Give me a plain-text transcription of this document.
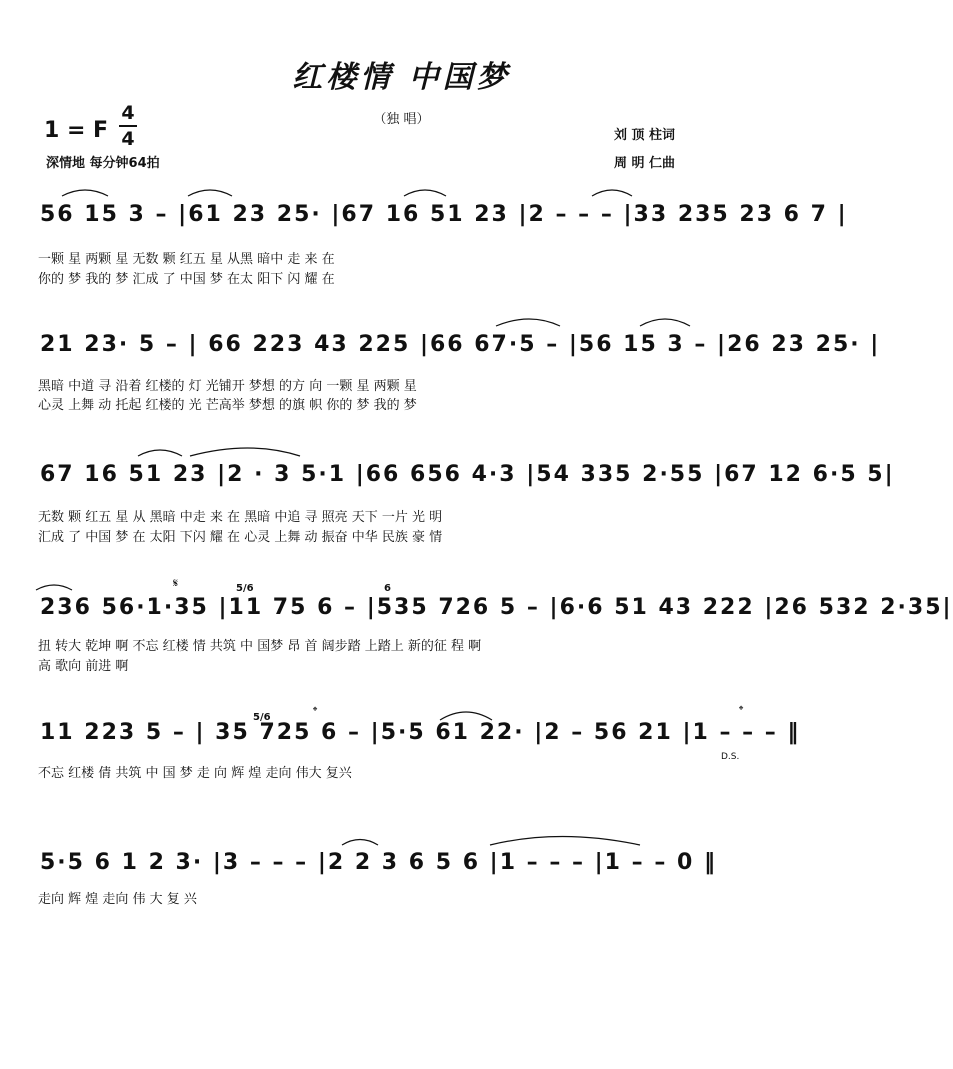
红楼情 中国梦
（独 唱）
1 = F
4
4
深情地 每分钟64拍
刘 顶 柱词
周 明 仁曲
56 15 3 – |61 23 25· |67 16 51 23 |2 – – – |33 235 23 6 7 |
一颗 星 两颗 星 无数 颗 红五 星 从黑 暗中 走 来 在
你的 梦 我的 梦 汇成 了 中国 梦 在太 阳下 闪 耀 在
21 23· 5 – | 66 223 43 225 |66 67·5 – |56 15 3 – |26 23 25· |
黑暗 中道 寻 沿着 红楼的 灯 光铺开 梦想 的方 向 一颗 星 两颗 星
心灵 上舞 动 托起 红楼的 光 芒高举 梦想 的旗 帜 你的 梦 我的 梦
67 16 51 23 |2 · 3 5·1 |66 656 4·3 |54 335 2·55 |67 12 6·5 5|
无数 颗 红五 星 从 黑暗 中走 来 在 黑暗 中追 寻 照亮 天下 一片 光 明
汇成 了 中国 梦 在 太阳 下闪 耀 在 心灵 上舞 动 振奋 中华 民族 豪 情
𝄋	5/6	6
236 56·1·35 |11 75 6 – |535 726 5 – |6·6 51 43 222 |26 532 2·35|
扭 转大 乾坤 啊 不忘 红楼 情 共筑 中 国梦 昂 首 阔步踏 上踏上 新的征 程 啊
高 歌向 前进 啊
𝄌	𝄌
5/6
11 223 5 – | 35 725 6 – |5·5 61 22· |2 – 56 21 |1 – – – ‖
D.S.
不忘 红楼 倩 共筑 中 国 梦 走 向 辉 煌 走向 伟大 复兴
5·5 6 1 2 3· |3 – – – |2 2 3 6 5 6 |1 – – – |1 – – 0 ‖
走向 辉 煌 走向 伟 大 复 兴
